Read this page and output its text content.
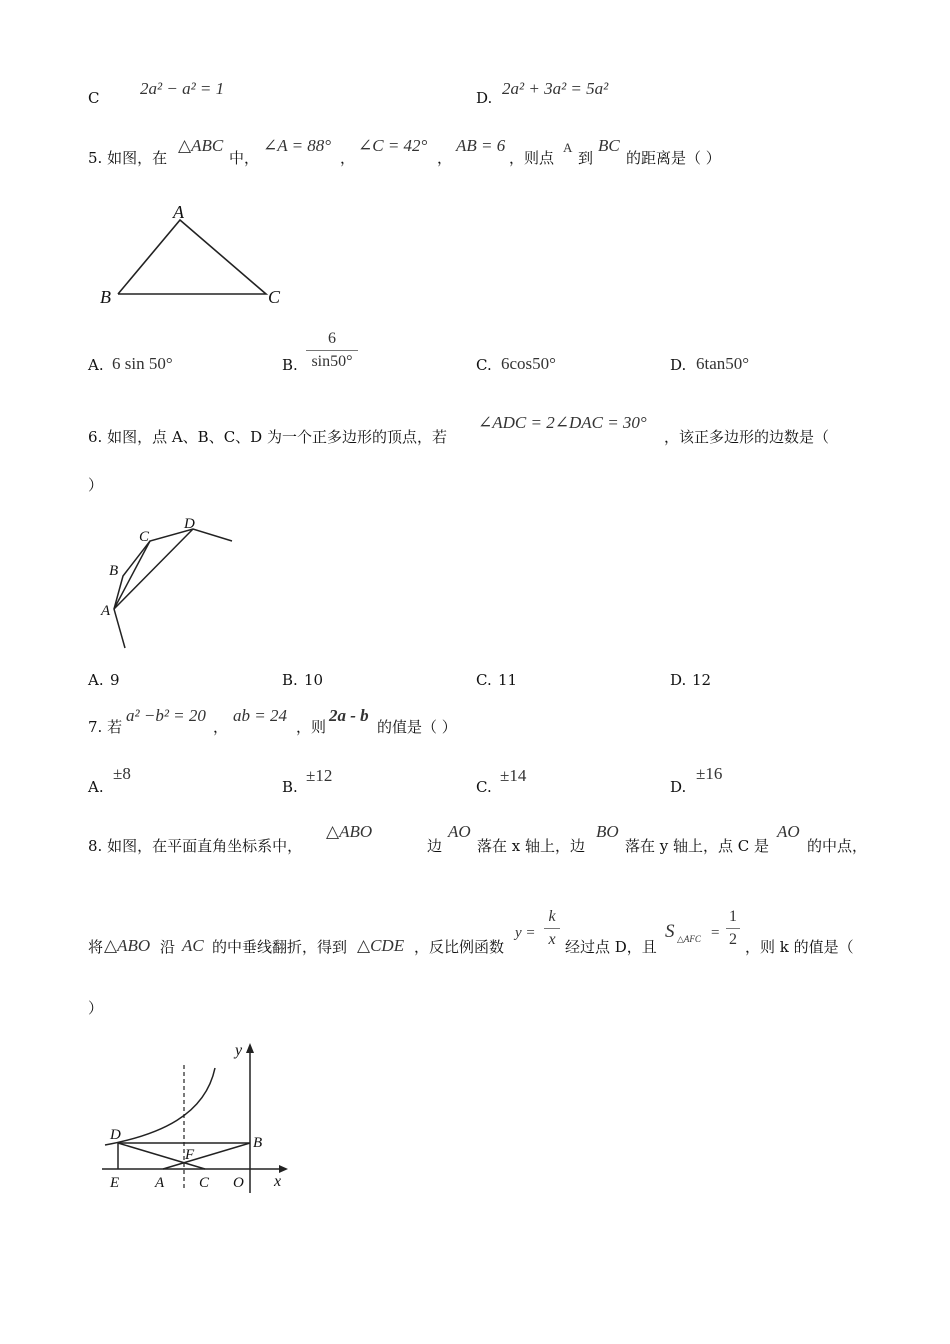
C 2a² − a² = 1	D. 2a² + 3a² = 5a²
5. 如图，在
△ABC
中，
∠A = 88°
，
∠C = 42°
，
AB = 6
，则点
A
到
BC
的距离是（ ）
A
B	C
A. 6 sin 50°	B.
6
sin50°	C. 6cos50°	D. 6tan50°
6. 如图，点 A、B、C、D 为一个正多边形的顶点，若
∠ADC = 2∠DAC = 30°
，该正多边形的边数是（
）
A
B
C
D
A. 9	B. 10	C. 11	D. 12
7. 若
a² −b² = 20
，
ab = 24
，则
2a - b
的值是（ ）
A.
±8
B.
±12
C.
±14
D.
±16
8. 如图，在平面直角坐标系中，
△ABO
边
AO
落在 x 轴上，边
BO
落在 y 轴上，点 C 是
AO
的中点，
将 △ABO 沿 AC 的中垂线翻折，得到 △CDE ，反比例函数
y =
k
x 经过点 D，且
S △AFC =
1
2 ，则 k 的值是（
）
y
x
D	B
F
E A C O
